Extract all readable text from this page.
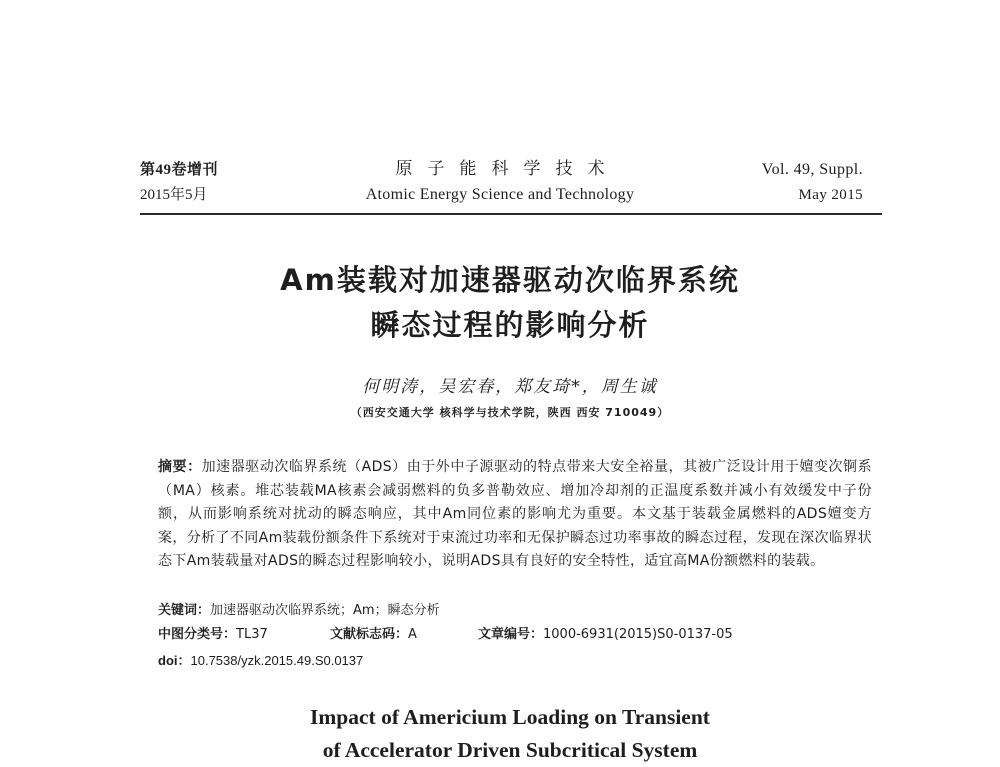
第49卷增刊
2015年5月
原子能科学技术
Atomic Energy Science and Technology
Vol. 49, Suppl.
May 2015
Am装载对加速器驱动次临界系统
瞬态过程的影响分析
何明涛，吴宏春，郑友琦*，周生诚
（西安交通大学 核科学与技术学院，陕西 西安 710049）
摘要：加速器驱动次临界系统（ADS）由于外中子源驱动的特点带来大安全裕量，其被广泛设计用于嬗变次锕系（MA）核素。堆芯装载MA核素会减弱燃料的负多普勒效应、增加冷却剂的正温度系数并减小有效缓发中子份额，从而影响系统对扰动的瞬态响应，其中Am同位素的影响尤为重要。本文基于装载金属燃料的ADS嬗变方案，分析了不同Am装载份额条件下系统对于束流过功率和无保护瞬态过功率事故的瞬态过程，发现在深次临界状态下Am装载量对ADS的瞬态过程影响较小，说明ADS具有良好的安全特性，适宜高MA份额燃料的装载。
关键词：加速器驱动次临界系统；Am；瞬态分析
中图分类号：TL37	文献标志码：A	文章编号：1000-6931(2015)S0-0137-05
doi：10.7538/yzk.2015.49.S0.0137
Impact of Americium Loading on Transient
of Accelerator Driven Subcritical System
